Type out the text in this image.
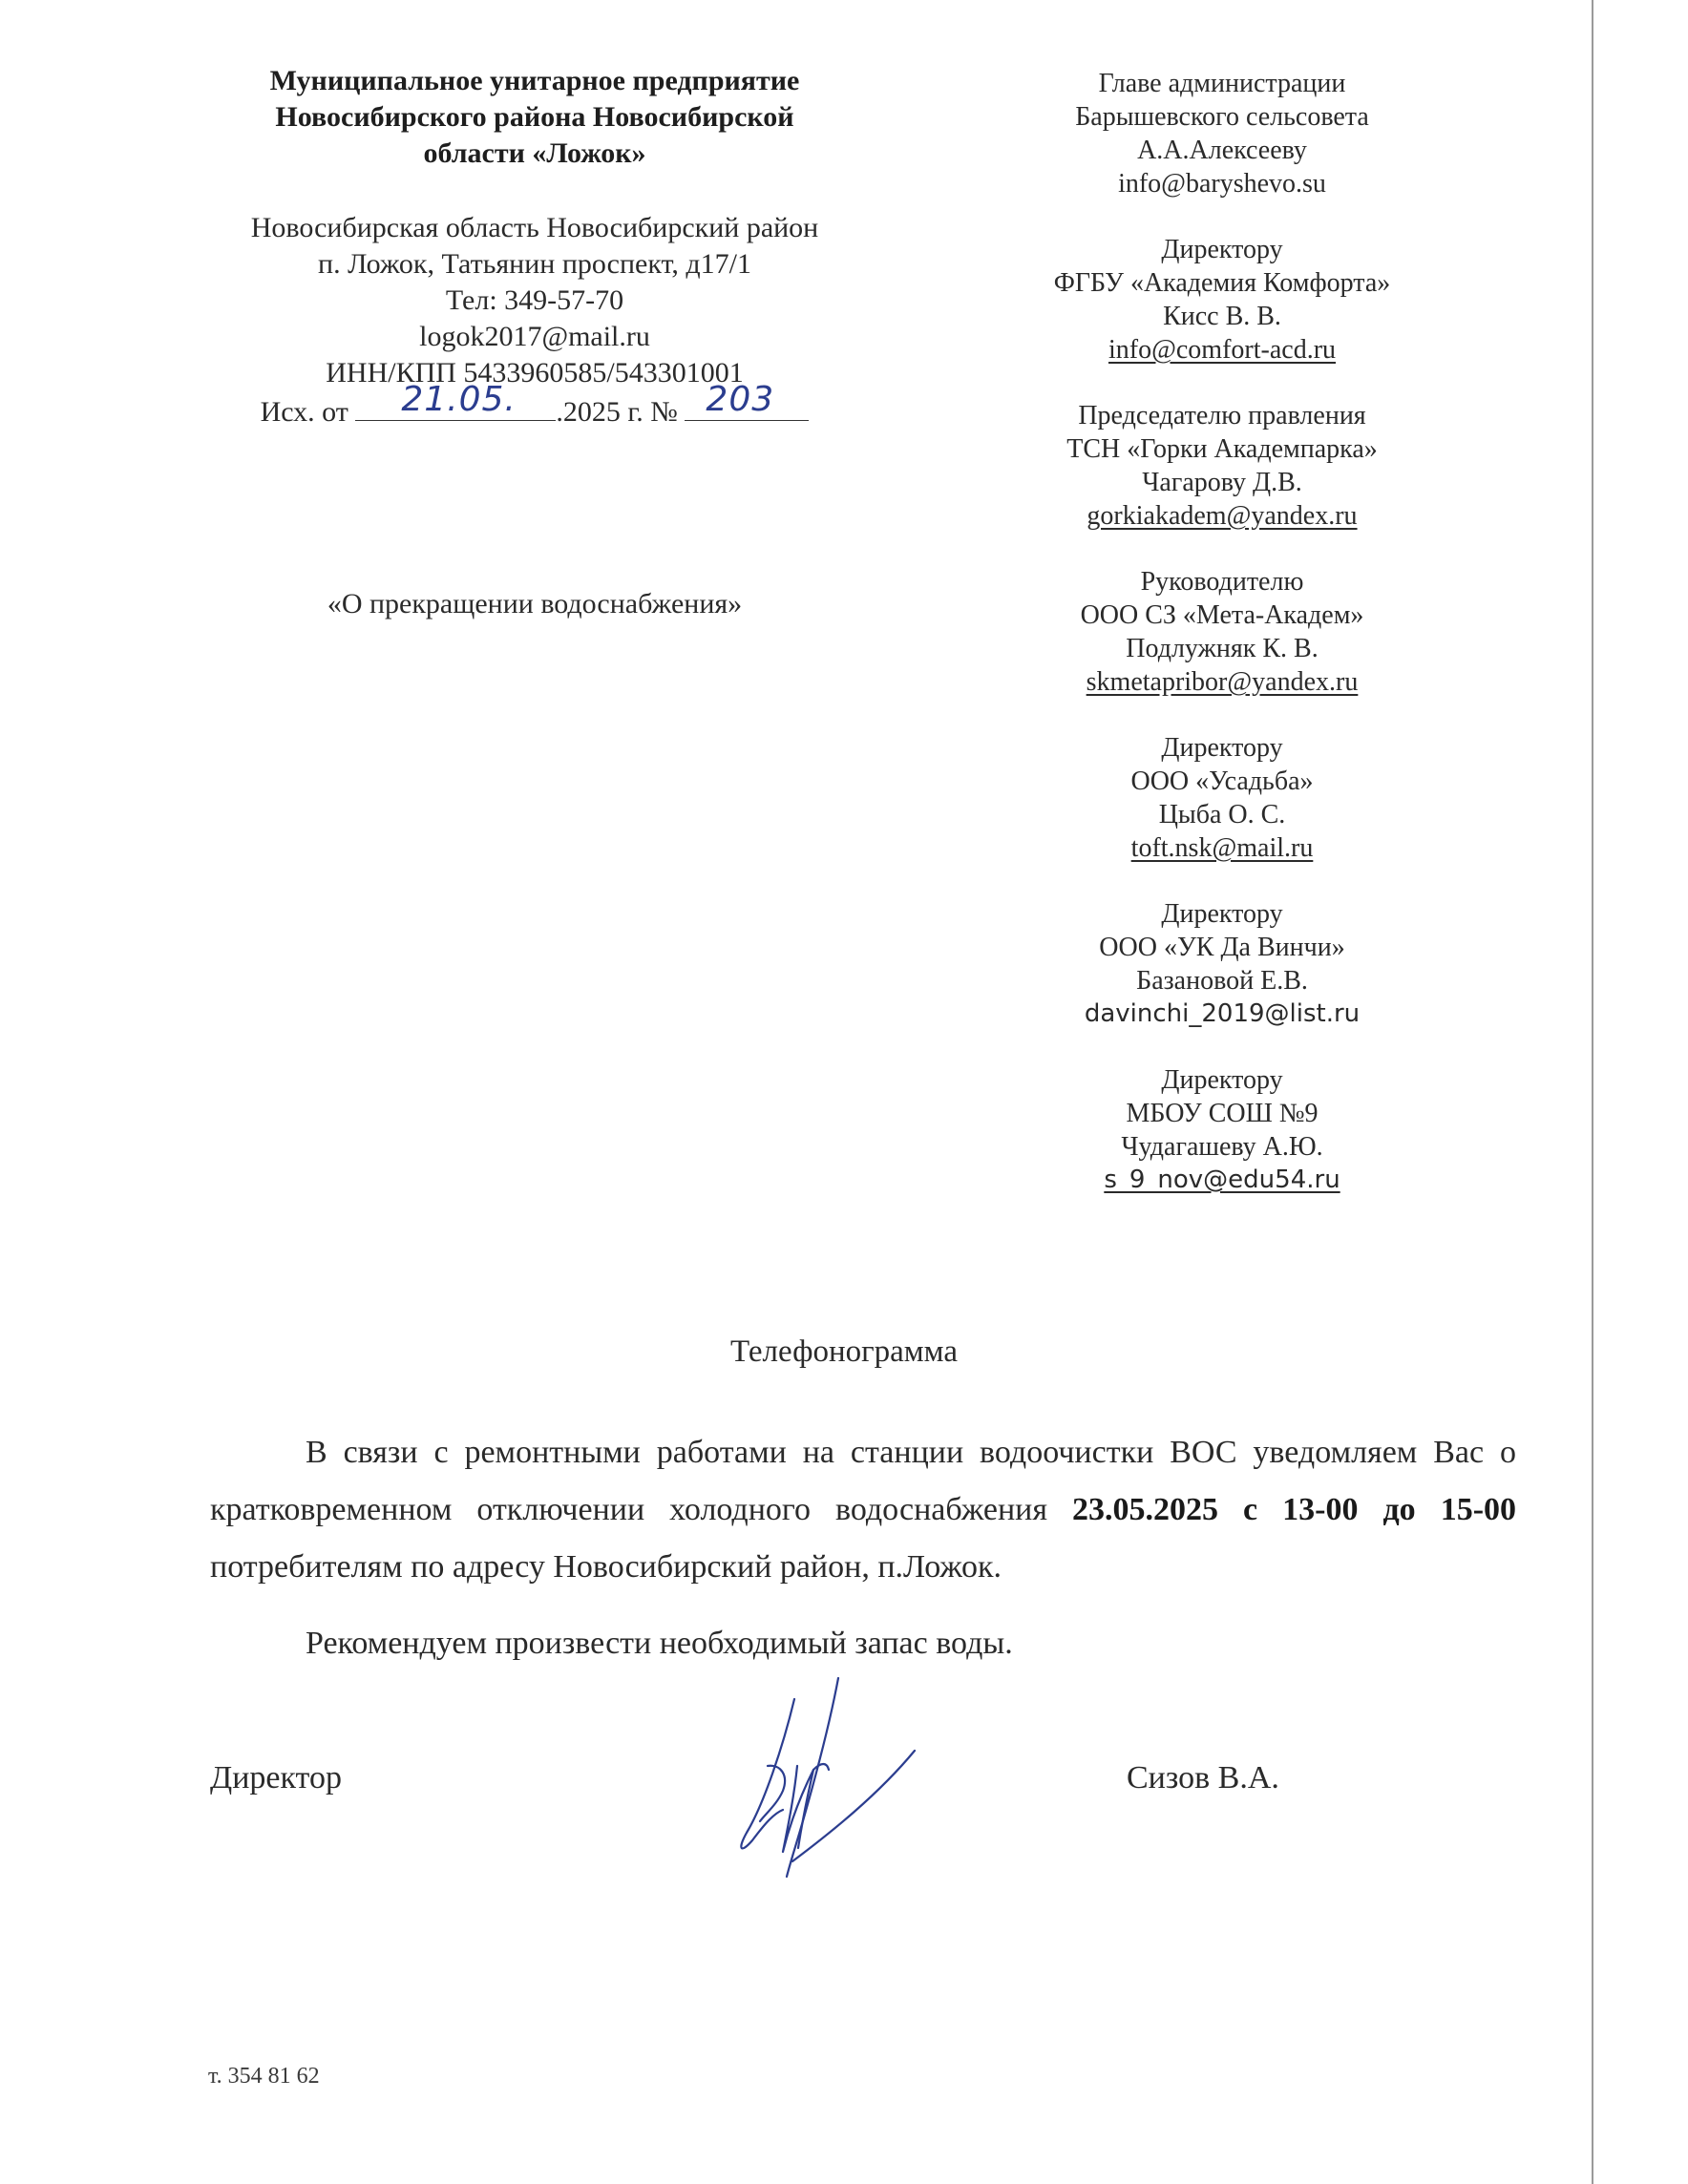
Муниципальное унитарное предприятие
Новосибирского района Новосибирской
области «Ложок»
Новосибирская область Новосибирский район
п. Ложок, Татьянин проспект, д17/1
Тел: 349-57-70
logok2017@mail.ru
ИНН/КПП 5433960585/543301001
Исх. от 21.05. .2025 г. № 203
«О прекращении водоснабжения»
Главе администрации
Барышевского сельсовета
А.А.Алексееву
info@baryshevo.su
Директору
ФГБУ «Академия Комфорта»
Кисс В. В.
info@comfort-acd.ru
Председателю правления
ТСН «Горки Академпарка»
Чагарову Д.В.
gorkiakadem@yandex.ru
Руководителю
ООО СЗ «Мета-Академ»
Подлужняк К. В.
skmetapribor@yandex.ru
Директору
ООО «Усадьба»
Цыба О. С.
toft.nsk@mail.ru
Директору
ООО «УК Да Винчи»
Базановой Е.В.
davinchi_2019@list.ru
Директору
МБОУ СОШ №9
Чудагашеву А.Ю.
s_9_nov@edu54.ru
Телефонограмма

В связи с ремонтными работами на станции водоочистки ВОС уведомляем Вас о кратковременном отключении холодного водоснабжения 23.05.2025 с 13-00 до 15-00 потребителям по адресу Новосибирский район, п.Ложок.

Рекомендуем произвести необходимый запас воды.

Директор	Сизов В.А.
т. 354 81 62
